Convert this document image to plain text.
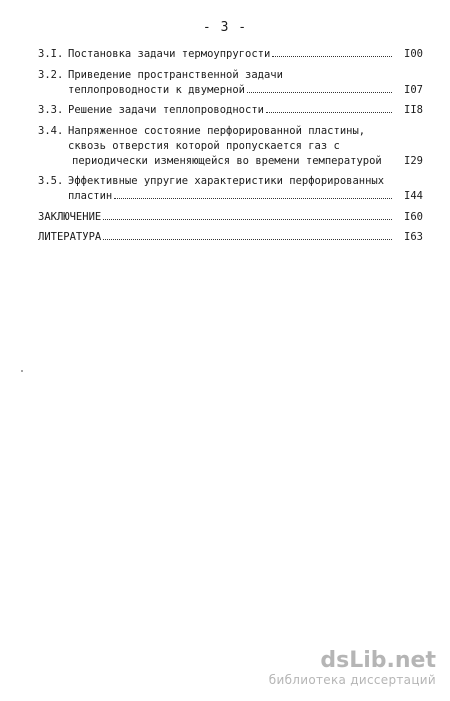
- 3 -
3.I. Постановка задачи термоупругости	I00
3.2. Приведение пространственной задачи
теплопроводности к двумерной	I07
3.3. Решение задачи теплопроводности	II8
3.4. Напряженное состояние перфорированной пластины,
сквозь отверстия которой пропускается газ с
периодически изменяющейся во времени температурой	I29
3.5. Эффективные упругие характеристики перфорированных
пластин	I44
ЗАКЛЮЧЕНИЕ	I60
ЛИТЕРАТУРА	I63
dsLib.net
библиотека диссертаций
